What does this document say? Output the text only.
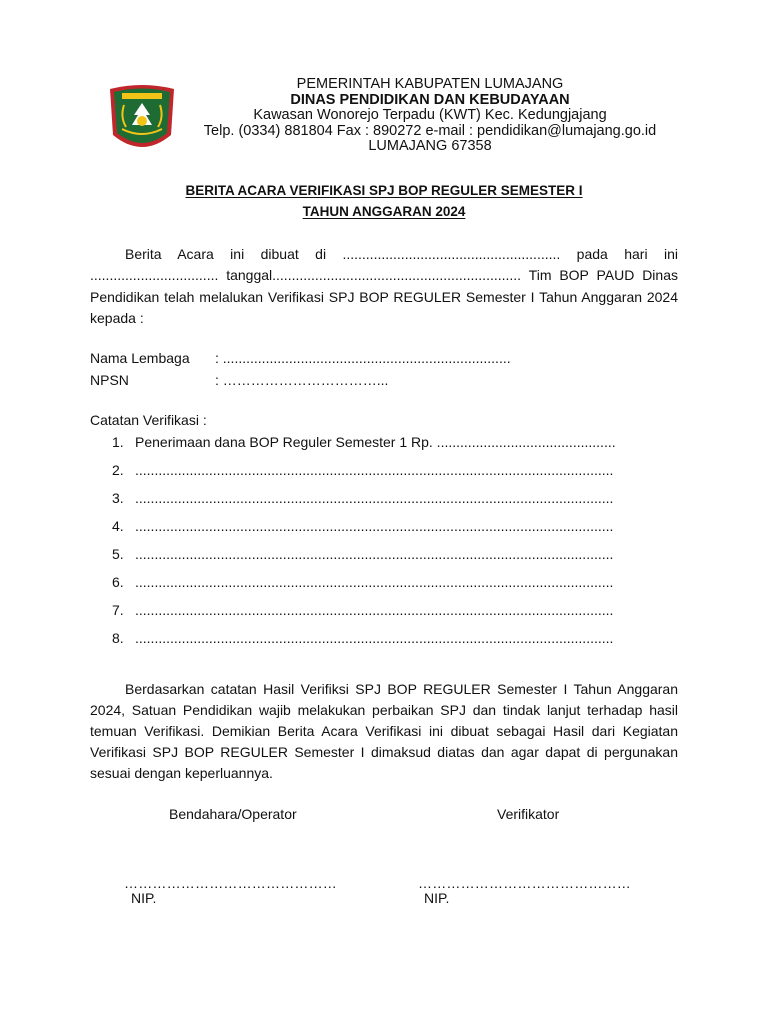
PEMERINTAH KABUPATEN LUMAJANG
DINAS PENDIDIKAN DAN KEBUDAYAAN
Kawasan Wonorejo Terpadu (KWT) Kec. Kedungjajang
Telp. (0334) 881804 Fax : 890272 e-mail : pendidikan@lumajang.go.id
LUMAJANG 67358
BERITA ACARA VERIFIKASI SPJ BOP REGULER SEMESTER I
TAHUN ANGGARAN 2024
Berita Acara ini dibuat di ........................................................ pada hari ini ................................. tanggal................................................................ Tim BOP PAUD Dinas Pendidikan telah melalukan Verifikasi SPJ BOP REGULER Semester I Tahun Anggaran 2024 kepada :
Nama Lembaga : ..........................................................................
NPSN	: ……………………………...
Catatan Verifikasi :
1. Penerimaan dana BOP Reguler Semester 1 Rp. ..............................................
2. ...........................................................................................................................
3. ...........................................................................................................................
4. ...........................................................................................................................
5. ...........................................................................................................................
6. ...........................................................................................................................
7. ...........................................................................................................................
8. ...........................................................................................................................
Berdasarkan catatan Hasil Verifiksi SPJ BOP REGULER Semester I Tahun Anggaran 2024, Satuan Pendidikan wajib melakukan perbaikan SPJ dan tindak lanjut terhadap hasil temuan Verifikasi. Demikian Berita Acara Verifikasi ini dibuat sebagai Hasil dari Kegiatan Verifikasi SPJ BOP REGULER Semester I dimaksud diatas dan agar dapat di pergunakan sesuai dengan keperluannya.
Bendahara/Operator	Verifikator
………………………………………	………………………………………
NIP.	NIP.
